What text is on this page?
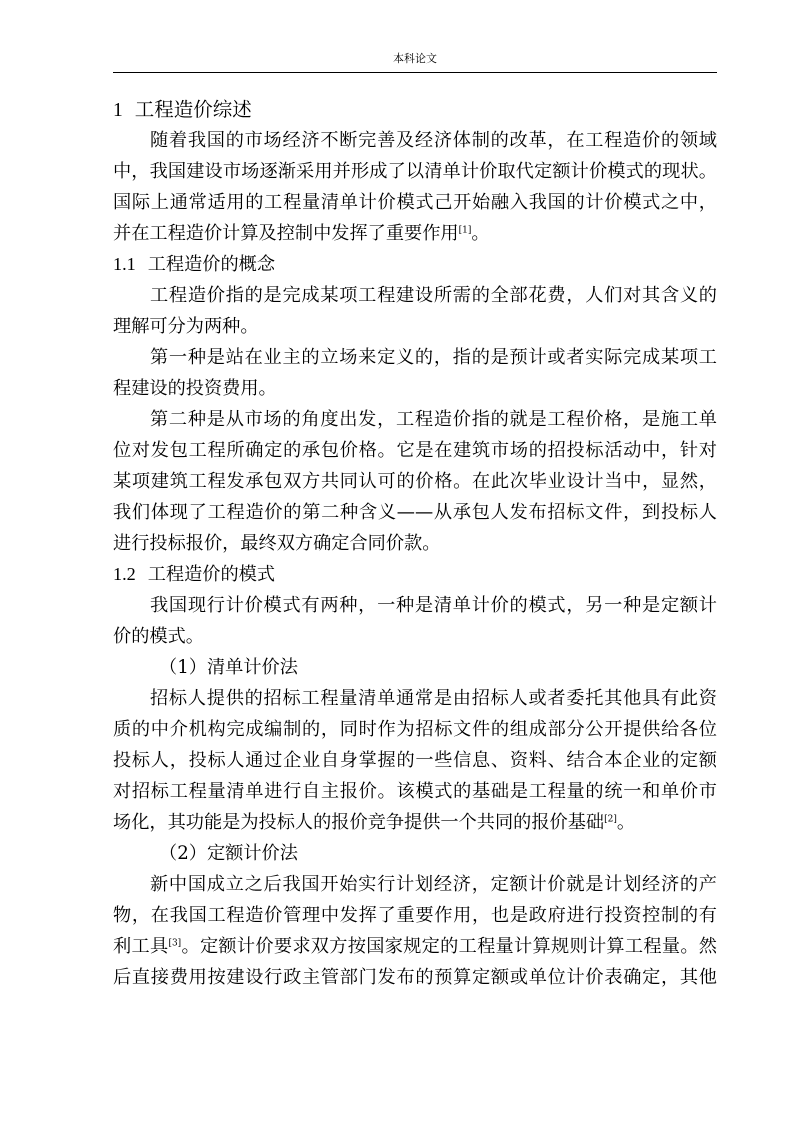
本科论文
1 工程造价综述
随着我国的市场经济不断完善及经济体制的改革，在工程造价的领域
中，我国建设市场逐渐采用并形成了以清单计价取代定额计价模式的现状。
国际上通常适用的工程量清单计价模式己开始融入我国的计价模式之中，
并在工程造价计算及控制中发挥了重要作用[1]。
1.1 工程造价的概念
工程造价指的是完成某项工程建设所需的全部花费，人们对其含义的
理解可分为两种。
第一种是站在业主的立场来定义的，指的是预计或者实际完成某项工
程建设的投资费用。
第二种是从市场的角度出发，工程造价指的就是工程价格，是施工单
位对发包工程所确定的承包价格。它是在建筑市场的招投标活动中，针对
某项建筑工程发承包双方共同认可的价格。在此次毕业设计当中，显然，
我们体现了工程造价的第二种含义——从承包人发布招标文件，到投标人
进行投标报价，最终双方确定合同价款。
1.2 工程造价的模式
我国现行计价模式有两种，一种是清单计价的模式，另一种是定额计
价的模式。
（1）清单计价法
招标人提供的招标工程量清单通常是由招标人或者委托其他具有此资
质的中介机构完成编制的，同时作为招标文件的组成部分公开提供给各位
投标人，投标人通过企业自身掌握的一些信息、资料、结合本企业的定额
对招标工程量清单进行自主报价。该模式的基础是工程量的统一和单价市
场化，其功能是为投标人的报价竞争提供一个共同的报价基础[2]。
（2）定额计价法
新中国成立之后我国开始实行计划经济，定额计价就是计划经济的产
物，在我国工程造价管理中发挥了重要作用，也是政府进行投资控制的有
利工具[3]。定额计价要求双方按国家规定的工程量计算规则计算工程量。然
后直接费用按建设行政主管部门发布的预算定额或单位计价表确定，其他
